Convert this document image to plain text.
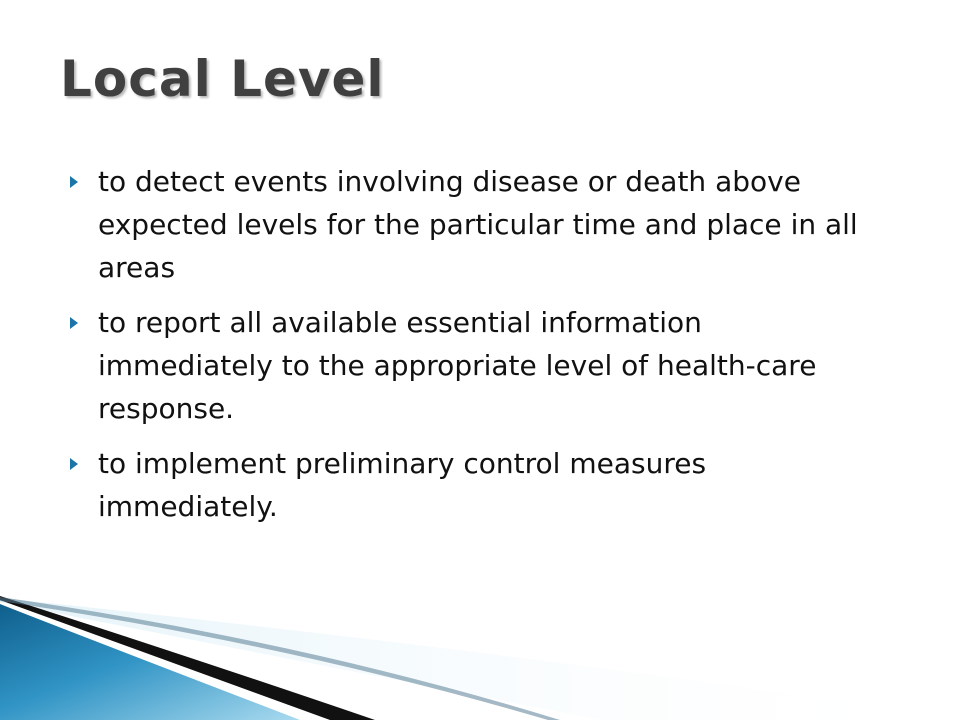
Local Level
to detect events involving disease or death above expected levels for the particular time and place in all areas
to report all available essential information immediately to the appropriate level of health-care response.
to implement preliminary control measures immediately.
